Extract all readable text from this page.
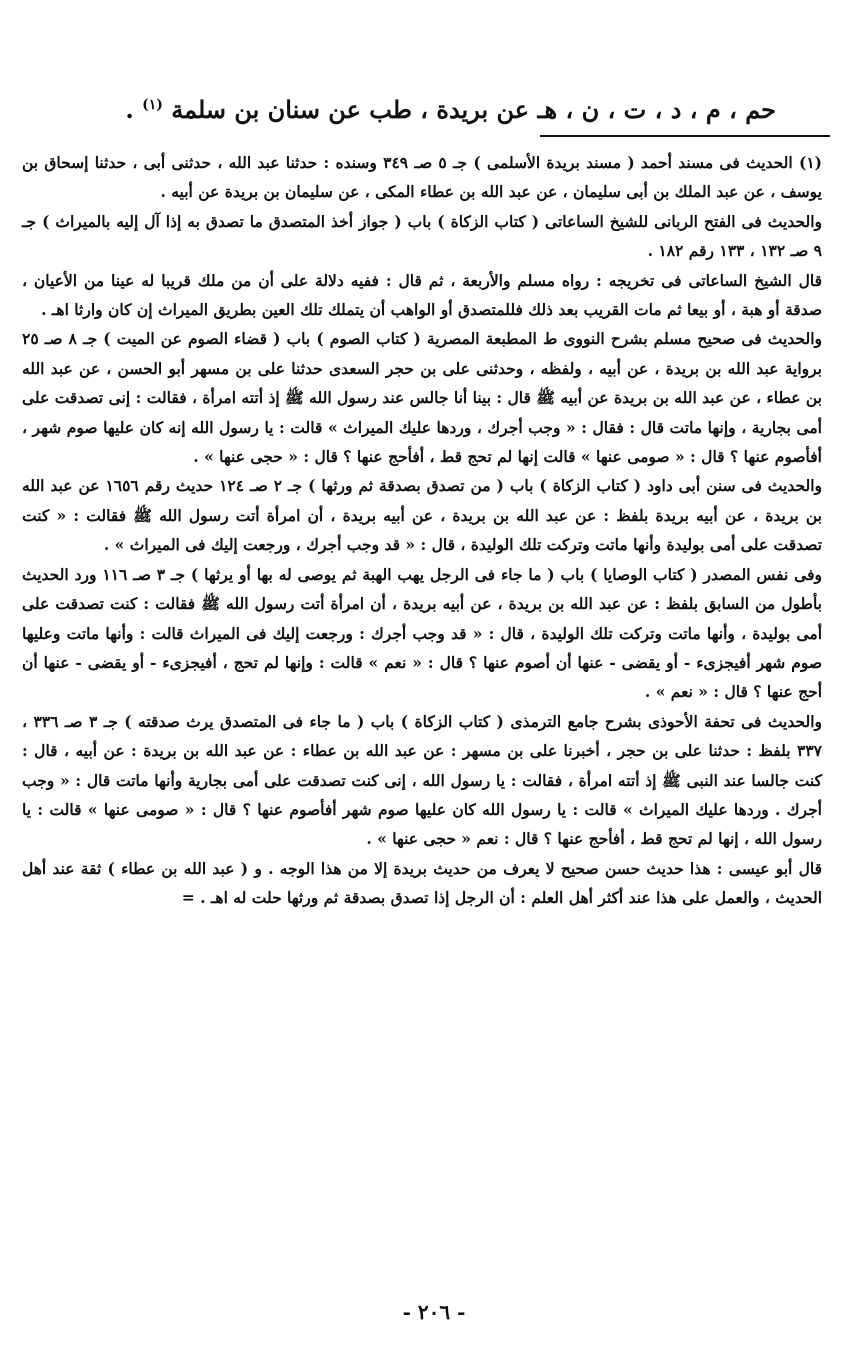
حم ، م ، د ، ت ، ن ، هـ عن بريدة ، طب عن سنان بن سلمة $^{(١)}$ .

(١) الحديث فى مسند أحمد ( مسند بريدة الأسلمى ) جـ ٥ صـ ٣٤٩ وسنده : حدثنا عبد الله ، حدثنى أبى ، حدثنا إسحاق بن يوسف ، عن عبد الملك بن أبى سليمان ، عن عبد الله بن عطاء المكى ، عن سليمان بن بريدة عن أبيه .

والحديث فى الفتح الربانى للشيخ الساعاتى ( كتاب الزكاة ) باب ( جواز أخذ المتصدق ما تصدق به إذا آل إليه بالميراث ) جـ ٩ صـ ١٣٢ ، ١٣٣ رقم ١٨٢ .

قال الشيخ الساعاتى فى تخريجه : رواه مسلم والأربعة ، ثم قال : ففيه دلالة على أن من ملك قريبا له عينا من الأعيان ، صدقة أو هبة ، أو بيعا ثم مات القريب بعد ذلك فللمتصدق أو الواهب أن يتملك تلك العين بطريق الميراث إن كان وارثا اهـ .

والحديث فى صحيح مسلم بشرح النووى ط المطبعة المصرية ( كتاب الصوم ) باب ( قضاء الصوم عن الميت ) جـ ٨ صـ ٢٥ برواية عبد الله بن بريدة ، عن أبيه ، ولفظه ، وحدثنى على بن حجر السعدى حدثنا على بن مسهر أبو الحسن ، عن عبد الله بن عطاء ، عن عبد الله بن بريدة عن أبيه ﷺ قال : بينا أنا جالس عند رسول الله ﷺ إذ أتته امرأة ، فقالت : إنى تصدقت على أمى بجارية ، وإنها ماتت قال : فقال : « وجب أجرك ، وردها عليك الميراث » قالت : يا رسول الله إنه كان عليها صوم شهر ، أفأصوم عنها ؟ قال : « صومى عنها » قالت إنها لم تحج قط ، أفأحج عنها ؟ قال : « حجى عنها » .

والحديث فى سنن أبى داود ( كتاب الزكاة ) باب ( من تصدق بصدقة ثم ورثها ) جـ ٢ صـ ١٢٤ حديث رقم ١٦٥٦ عن عبد الله بن بريدة ، عن أبيه بريدة بلفظ : عن عبد الله بن بريدة ، عن أبيه بريدة ، أن امرأة أتت رسول الله ﷺ فقالت : « كنت تصدقت على أمى بوليدة وأنها ماتت وتركت تلك الوليدة ، قال : « قد وجب أجرك ، ورجعت إليك فى الميراث » .

وفى نفس المصدر ( كتاب الوصايا ) باب ( ما جاء فى الرجل يهب الهبة ثم يوصى له بها أو يرثها ) جـ ٣ صـ ١١٦ ورد الحديث بأطول من السابق بلفظ : عن عبد الله بن بريدة ، عن أبيه بريدة ، أن امرأة أتت رسول الله ﷺ فقالت : كنت تصدقت على أمى بوليدة ، وأنها ماتت وتركت تلك الوليدة ، قال : « قد وجب أجرك : ورجعت إليك فى الميراث قالت : وأنها ماتت وعليها صوم شهر أفيجزىء - أو يقضى - عنها أن أصوم عنها ؟ قال : « نعم » قالت : وإنها لم تحج ، أفيجزىء - أو يقضى - عنها أن أحج عنها ؟ قال : « نعم » .

والحديث فى تحفة الأحوذى بشرح جامع الترمذى ( كتاب الزكاة ) باب ( ما جاء فى المتصدق يرث صدقته ) جـ ٣ صـ ٣٣٦ ، ٣٣٧ بلفظ : حدثنا على بن حجر ، أخبرنا على بن مسهر : عن عبد الله بن عطاء : عن عبد الله بن بريدة : عن أبيه ، قال : كنت جالسا عند النبى ﷺ إذ أتته امرأة ، فقالت : يا رسول الله ، إنى كنت تصدقت على أمى بجارية وأنها ماتت قال : « وجب أجرك . وردها عليك الميراث » قالت : يا رسول الله كان عليها صوم شهر أفأصوم عنها ؟ قال : « صومى عنها » قالت : يا رسول الله ، إنها لم تحج قط ، أفأحج عنها ؟ قال : نعم « حجى عنها » .

قال أبو عيسى : هذا حديث حسن صحيح لا يعرف من حديث بريدة إلا من هذا الوجه . و ( عبد الله بن عطاء ) ثقة عند أهل الحديث ، والعمل على هذا عند أكثر أهل العلم : أن الرجل إذا تصدق بصدقة ثم ورثها حلت له اهـ . =

- ٢٠٦ -
